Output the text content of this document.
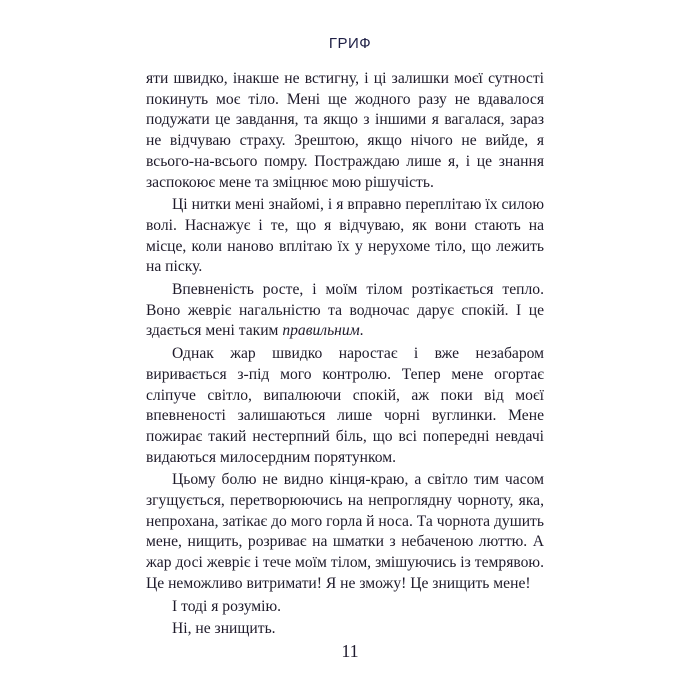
ГРИФ

яти швидко, інакше не встигну, і ці залишки моєї сутності покинуть моє тіло. Мені ще жодного разу не вдавалося подужати це завдання, та якщо з іншими я вагалася, зараз не відчуваю страху. Зрештою, якщо нічого не вийде, я всього-на-всього помру. Постраждаю лише я, і це знання заспокоює мене та зміцнює мою рішучість.

Ці нитки мені знайомі, і я вправно переплітаю їх силою волі. Наснажує і те, що я відчуваю, як вони стають на місце, коли наново вплітаю їх у нерухоме тіло, що лежить на піску.

Впевненість росте, і моїм тілом розтікається тепло. Воно жевріє нагальністю та водночас дарує спокій. І це здається мені таким правильним.

Однак жар швидко наростає і вже незабаром виривається з-під мого контролю. Тепер мене огортає сліпуче світло, випалюючи спокій, аж поки від моєї впевненості залишаються лише чорні вуглинки. Мене пожирає такий нестерпний біль, що всі попередні невдачі видаються милосердним порятунком.

Цьому болю не видно кінця-краю, а світло тим часом згущується, перетворюючись на непроглядну чорноту, яка, непрохана, затікає до мого горла й носа. Та чорнота душить мене, нищить, розриває на шматки з небаченою люттю. А жар досі жевріє і тече моїм тілом, змішуючись із темрявою. Це неможливо витримати! Я не зможу! Це знищить мене!

І тоді я розумію.

Ні, не знищить.

11
